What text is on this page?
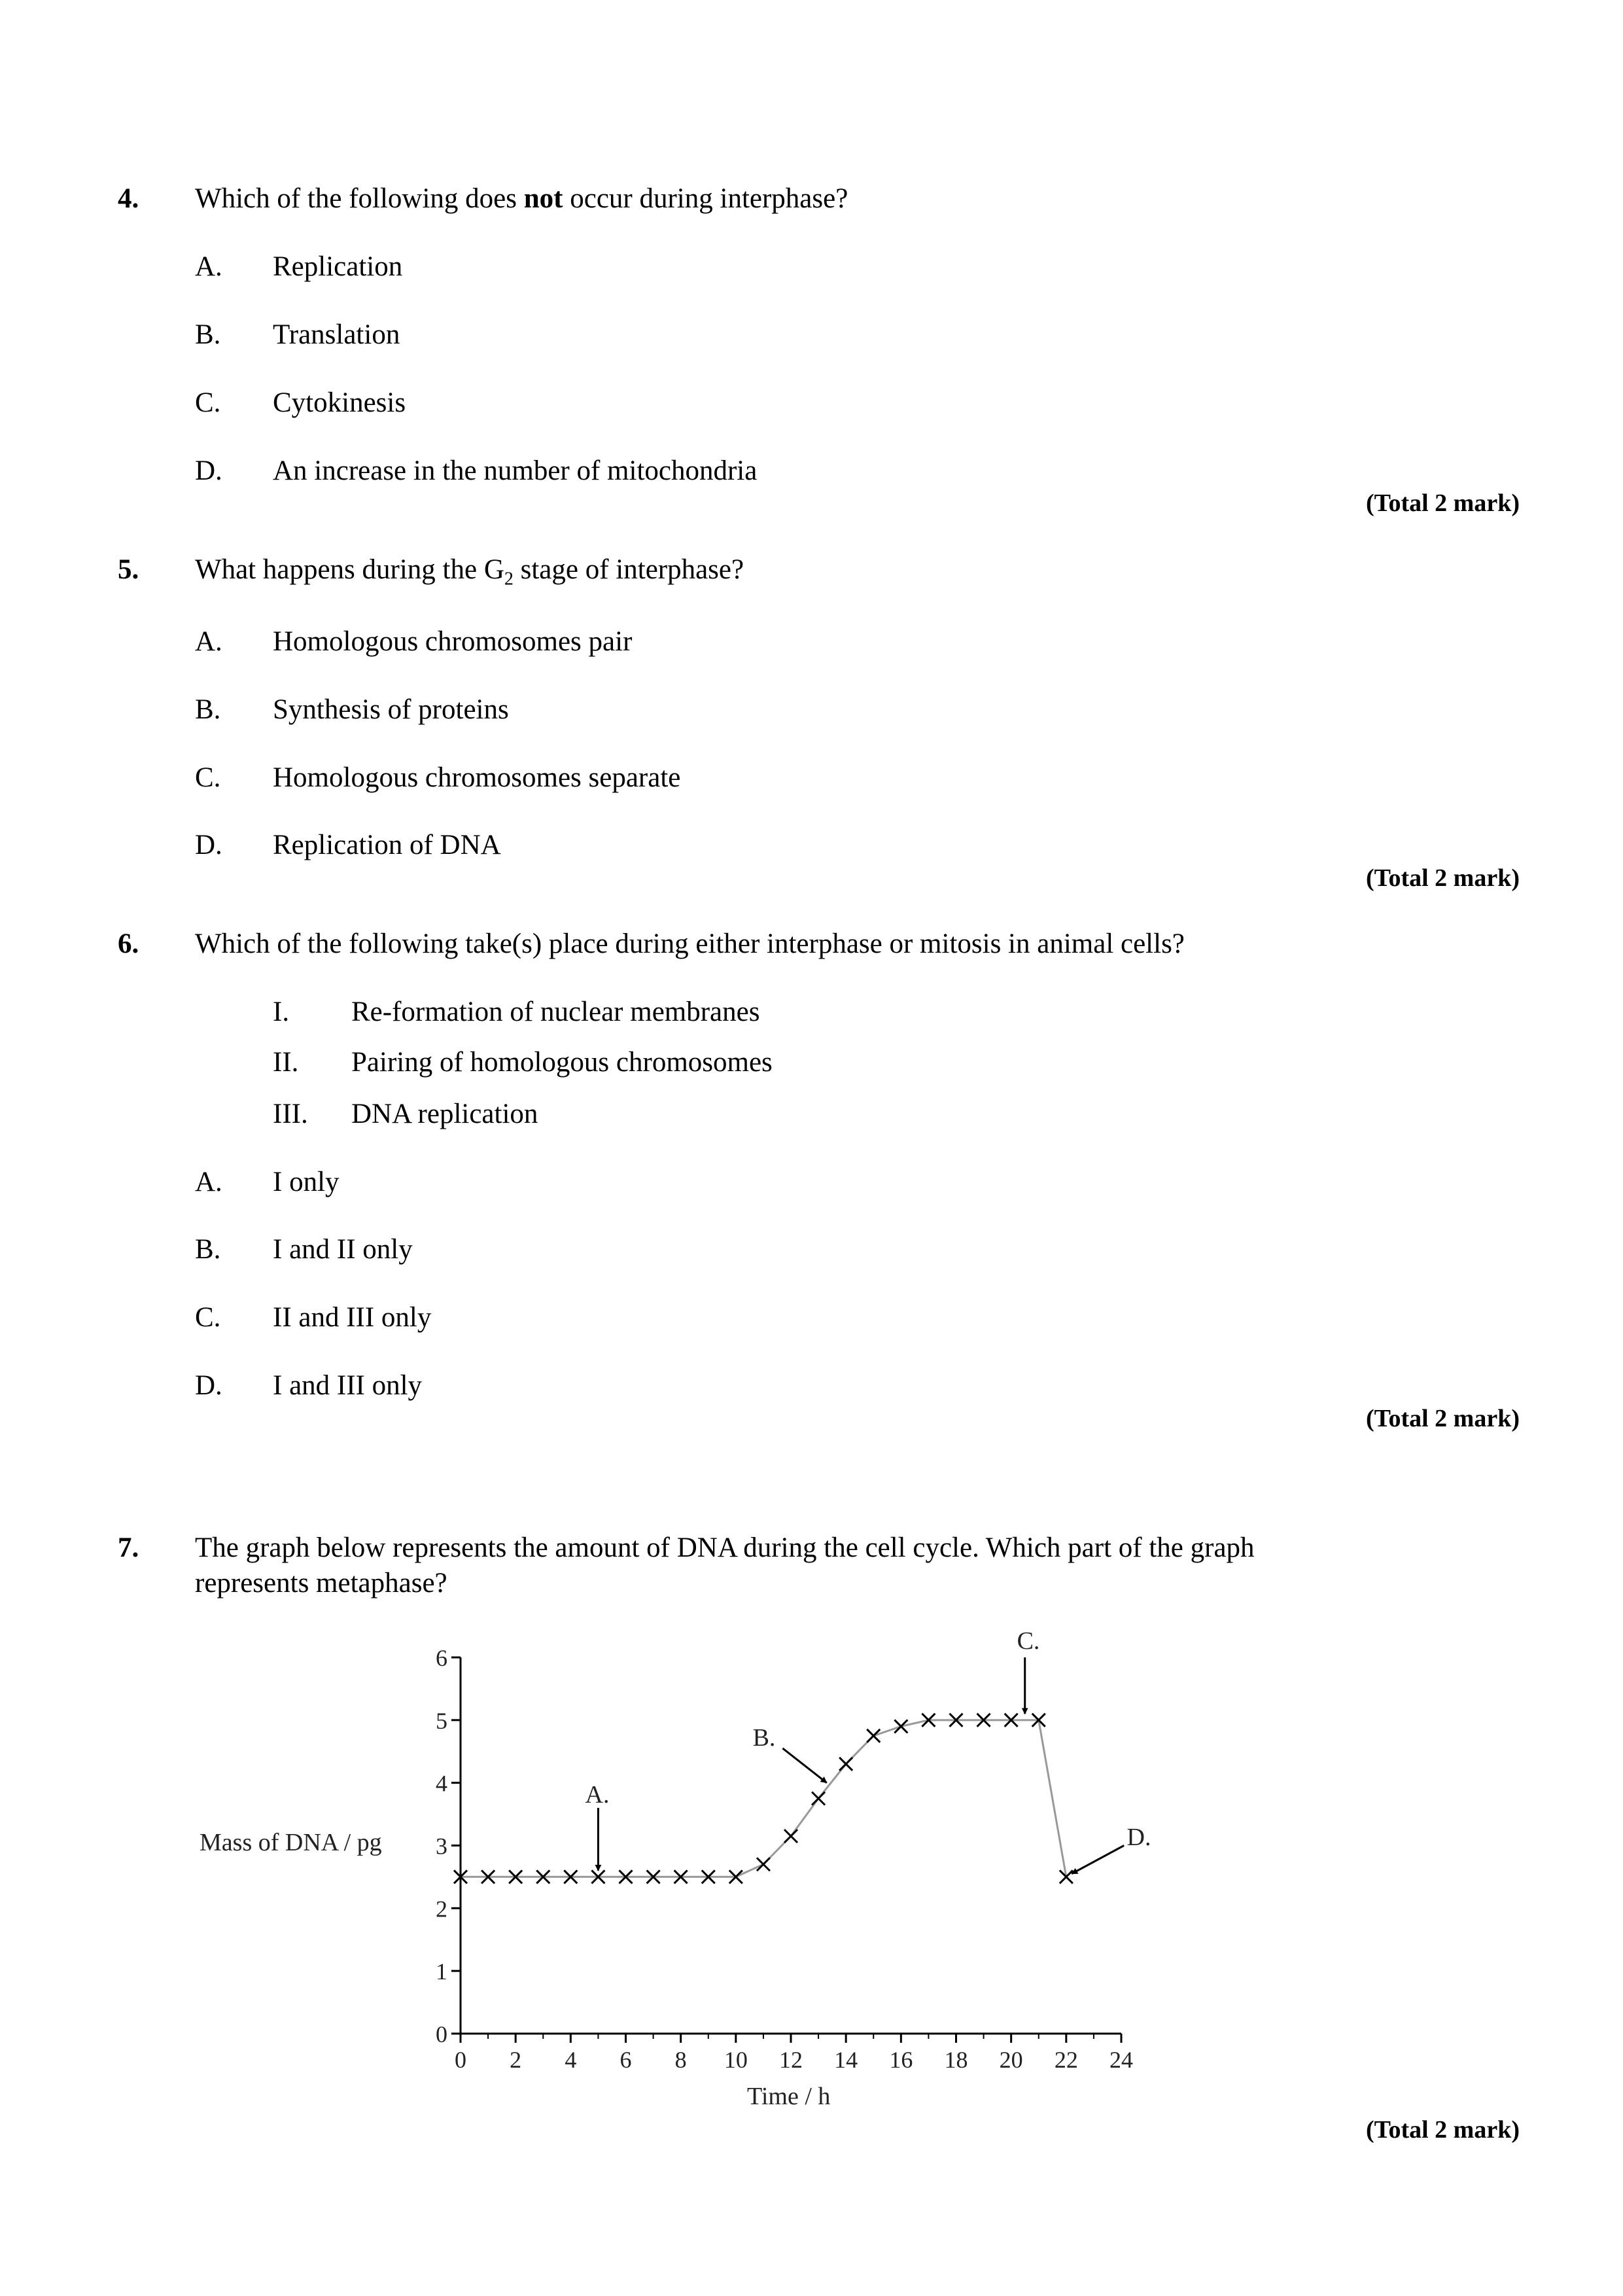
4. Which of the following does not occur during interphase?
A. Replication
B. Translation
C. Cytokinesis
D. An increase in the number of mitochondria
(Total 2 mark)
5. What happens during the $G_2$ stage of interphase?
A. Homologous chromosomes pair
B. Synthesis of proteins
C. Homologous chromosomes separate
D. Replication of DNA
(Total 2 mark)
6. Which of the following take(s) place during either interphase or mitosis in animal cells?
I. Re-formation of nuclear membranes
II. Pairing of homologous chromosomes
III. DNA replication
A. I only
B. I and II only
C. II and III only
D. I and III only
(Total 2 mark)
7. The graph below represents the amount of DNA during the cell cycle. Which part of the graph
represents metaphase?
0
1
2
3
4
5
6
0 2 4 6 8 10 12 14 16 18 20 22 24
A.
B.
C.
D.
Mass of DNA / pg
Time / h
(Total 2 mark)
